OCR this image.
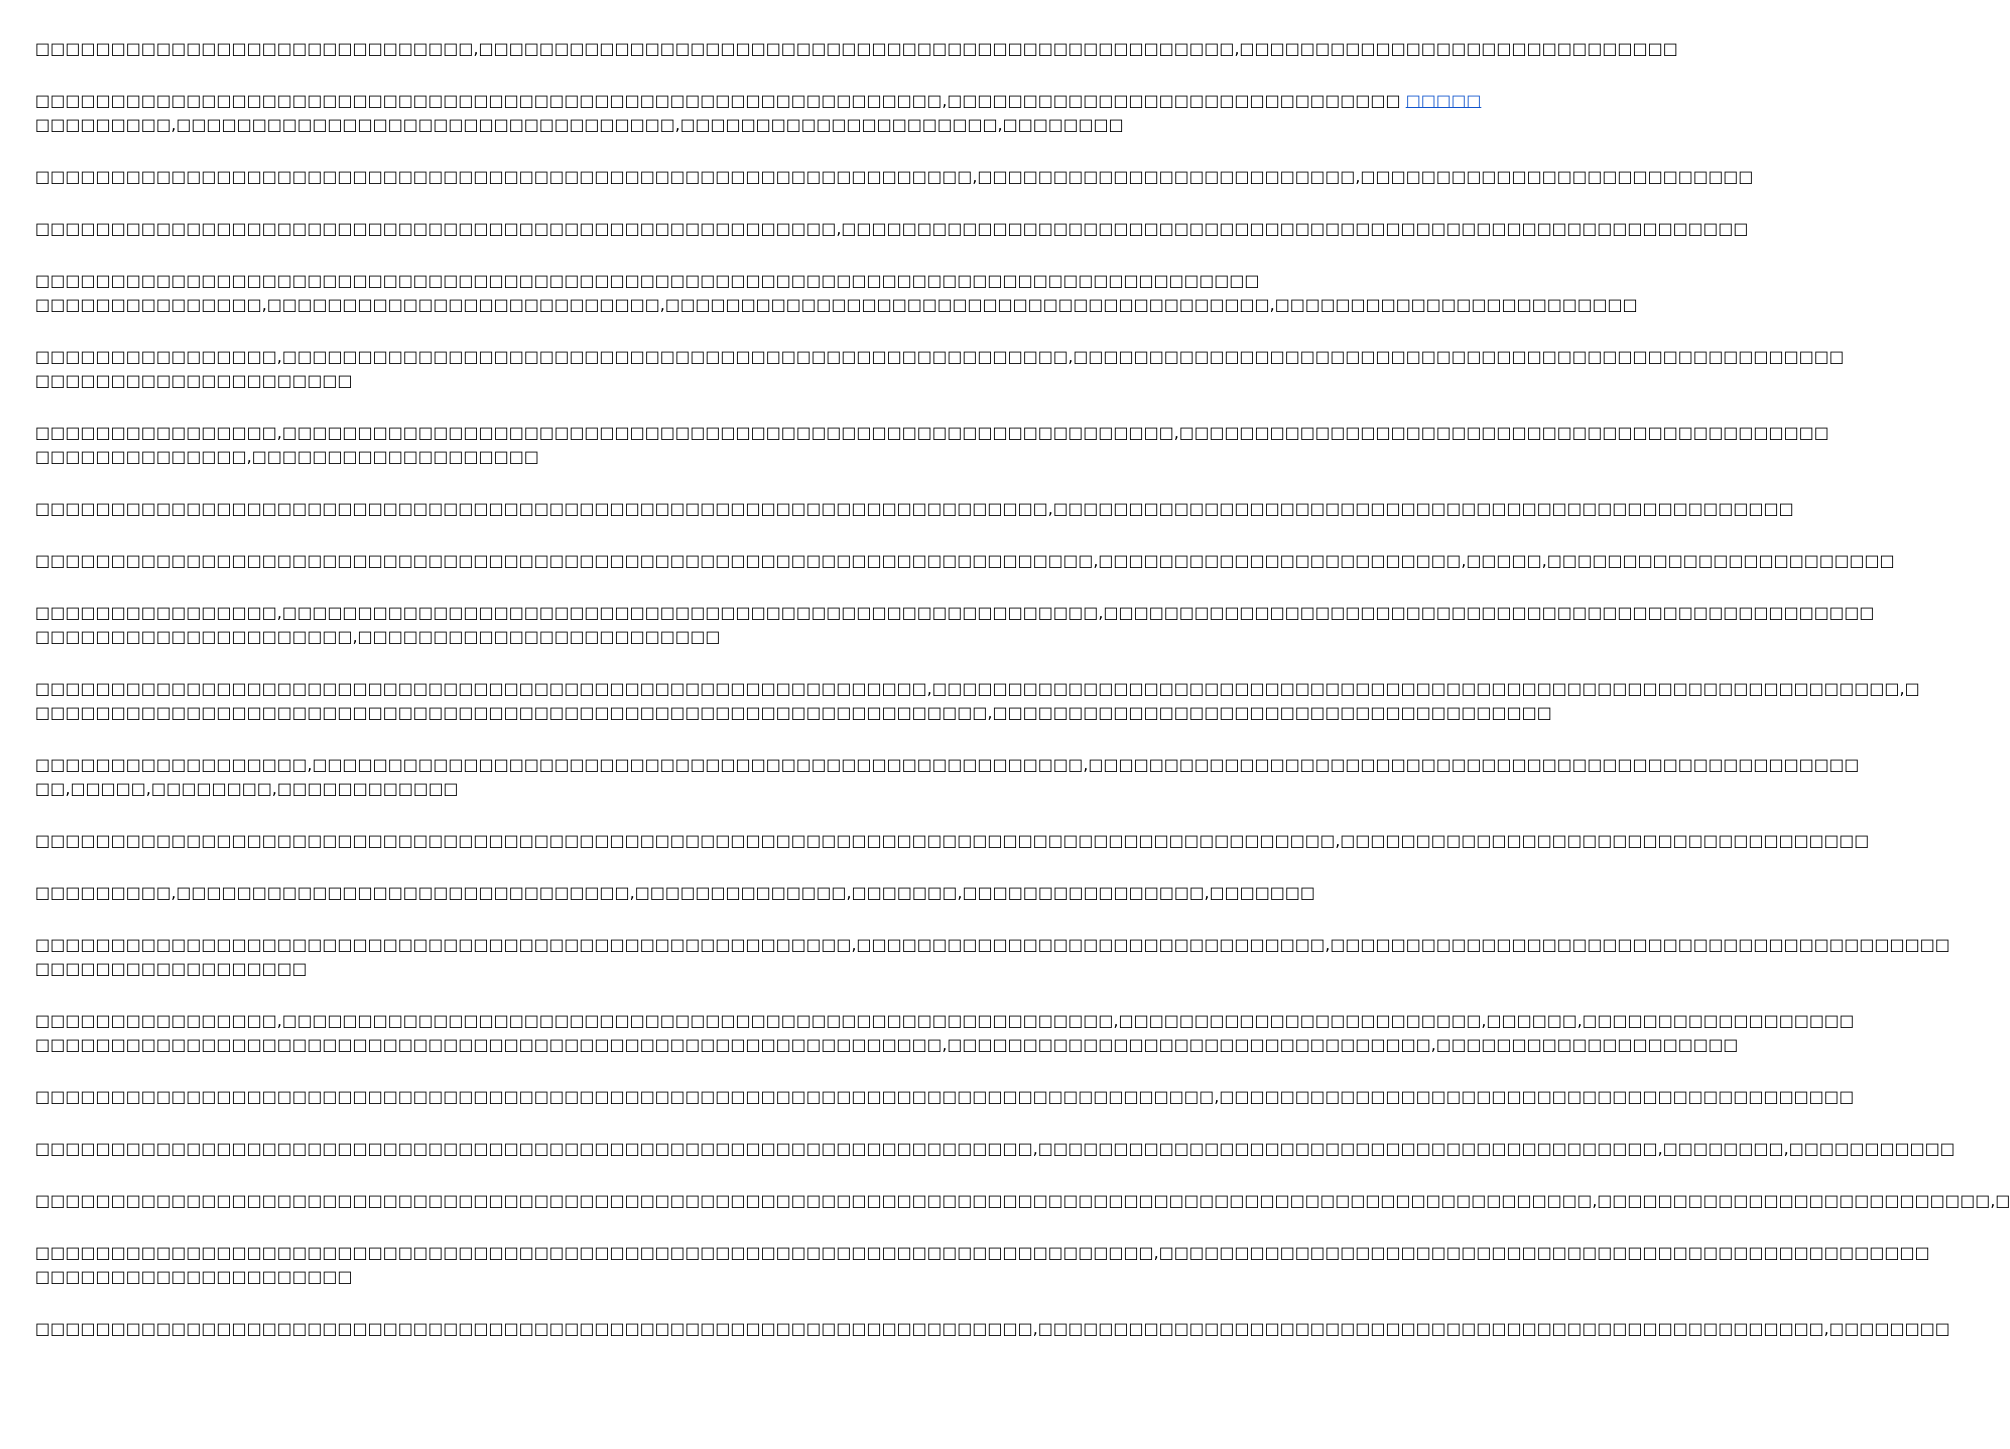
□□□□□□□□□□□□□□□□□□□□□□□□□□□□□,□□□□□□□□□□□□□□□□□□□□□□□□□□□□□□□□□□□□□□□□□□□□□□□□□□,□□□□□□□□□□□□□□□□□□□□□□□□□□□□□

□□□□□□□□□□□□□□□□□□□□□□□□□□□□□□□□□□□□□□□□□□□□□□□□□□□□□□□□□□□□,□□□□□□□□□□□□□□□□□□□□□□□□□□□□□□ □□□□□
□□□□□□□□□,□□□□□□□□□□□□□□□□□□□□□□□□□□□□□□□□□,□□□□□□□□□□□□□□□□□□□□□,□□□□□□□□

□□□□□□□□□□□□□□□□□□□□□□□□□□□□□□□□□□□□□□□□□□□□□□□□□□□□□□□□□□□□□□,□□□□□□□□□□□□□□□□□□□□□□□□□,□□□□□□□□□□□□□□□□□□□□□□□□□□

□□□□□□□□□□□□□□□□□□□□□□□□□□□□□□□□□□□□□□□□□□□□□□□□□□□□□,□□□□□□□□□□□□□□□□□□□□□□□□□□□□□□□□□□□□□□□□□□□□□□□□□□□□□□□□□□□□

□□□□□□□□□□□□□□□□□□□□□□□□□□□□□□□□□□□□□□□□□□□□□□□□□□□□□□□□□□□□□□□□□□□□□□□□□□□□□□□□□
□□□□□□□□□□□□□□□,□□□□□□□□□□□□□□□□□□□□□□□□□□,□□□□□□□□□□□□□□□□□□□□□□□□□□□□□□□□□□□□□□□□,□□□□□□□□□□□□□□□□□□□□□□□□

□□□□□□□□□□□□□□□□,□□□□□□□□□□□□□□□□□□□□□□□□□□□□□□□□□□□□□□□□□□□□□□□□□□□□,□□□□□□□□□□□□□□□□□□□□□□□□□□□□□□□□□□□□□□□□□□□□□□□□□□□
□□□□□□□□□□□□□□□□□□□□□

□□□□□□□□□□□□□□□□,□□□□□□□□□□□□□□□□□□□□□□□□□□□□□□□□□□□□□□□□□□□□□□□□□□□□□□□□□□□,□□□□□□□□□□□□□□□□□□□□□□□□□□□□□□□□□□□□□□□□□□□
□□□□□□□□□□□□□□,□□□□□□□□□□□□□□□□□□□

□□□□□□□□□□□□□□□□□□□□□□□□□□□□□□□□□□□□□□□□□□□□□□□□□□□□□□□□□□□□□□□□□□□,□□□□□□□□□□□□□□□□□□□□□□□□□□□□□□□□□□□□□□□□□□□□□□□□□

□□□□□□□□□□□□□□□□□□□□□□□□□□□□□□□□□□□□□□□□□□□□□□□□□□□□□□□□□□□□□□□□□□□□□□,□□□□□□□□□□□□□□□□□□□□□□□□,□□□□□,□□□□□□□□□□□□□□□□□□□□□□□

□□□□□□□□□□□□□□□□,□□□□□□□□□□□□□□□□□□□□□□□□□□□□□□□□□□□□□□□□□□□□□□□□□□□□□□,□□□□□□□□□□□□□□□□□□□□□□□□□□□□□□□□□□□□□□□□□□□□□□□□□□□
□□□□□□□□□□□□□□□□□□□□□,□□□□□□□□□□□□□□□□□□□□□□□□

□□□□□□□□□□□□□□□□□□□□□□□□□□□□□□□□□□□□□□□□□□□□□□□□□□□□□□□□□□□,□□□□□□□□□□□□□□□□□□□□□□□□□□□□□□□□□□□□□□□□□□□□□□□□□□□□□□□□□□□□□□□□,□
□□□□□□□□□□□□□□□□□□□□□□□□□□□□□□□□□□□□□□□□□□□□□□□□□□□□□□□□□□□□□□□,□□□□□□□□□□□□□□□□□□□□□□□□□□□□□□□□□□□□□

□□□□□□□□□□□□□□□□□□,□□□□□□□□□□□□□□□□□□□□□□□□□□□□□□□□□□□□□□□□□□□□□□□□□□□,□□□□□□□□□□□□□□□□□□□□□□□□□□□□□□□□□□□□□□□□□□□□□□□□□□□
□□,□□□□□,□□□□□□□□,□□□□□□□□□□□□

□□□□□□□□□□□□□□□□□□□□□□□□□□□□□□□□□□□□□□□□□□□□□□□□□□□□□□□□□□□□□□□□□□□□□□□□□□□□□□□□□□□□□□,□□□□□□□□□□□□□□□□□□□□□□□□□□□□□□□□□□□

□□□□□□□□□,□□□□□□□□□□□□□□□□□□□□□□□□□□□□□□,□□□□□□□□□□□□□□,□□□□□□□,□□□□□□□□□□□□□□□□,□□□□□□□

□□□□□□□□□□□□□□□□□□□□□□□□□□□□□□□□□□□□□□□□□□□□□□□□□□□□□□,□□□□□□□□□□□□□□□□□□□□□□□□□□□□□□□,□□□□□□□□□□□□□□□□□□□□□□□□□□□□□□□□□□□□□□□□□
□□□□□□□□□□□□□□□□□□

□□□□□□□□□□□□□□□□,□□□□□□□□□□□□□□□□□□□□□□□□□□□□□□□□□□□□□□□□□□□□□□□□□□□□□□□,□□□□□□□□□□□□□□□□□□□□□□□□,□□□□□□,□□□□□□□□□□□□□□□□□□
□□□□□□□□□□□□□□□□□□□□□□□□□□□□□□□□□□□□□□□□□□□□□□□□□□□□□□□□□□□□,□□□□□□□□□□□□□□□□□□□□□□□□□□□□□□□□,□□□□□□□□□□□□□□□□□□□□

□□□□□□□□□□□□□□□□□□□□□□□□□□□□□□□□□□□□□□□□□□□□□□□□□□□□□□□□□□□□□□□□□□□□□□□□□□□□□□,□□□□□□□□□□□□□□□□□□□□□□□□□□□□□□□□□□□□□□□□□□

□□□□□□□□□□□□□□□□□□□□□□□□□□□□□□□□□□□□□□□□□□□□□□□□□□□□□□□□□□□□□□□□□□,□□□□□□□□□□□□□□□□□□□□□□□□□□□□□□□□□□□□□□□□□,□□□□□□□□,□□□□□□□□□□□

□□□□□□□□□□□□□□□□□□□□□□□□□□□□□□□□□□□□□□□□□□□□□□□□□□□□□□□□□□□□□□□□□□□□□□□□□□□□□□□□□□□□□□□□□□□□□□□□□□□□□□□,□□□□□□□□□□□□□□□□□□□□□□□□□□,□

□□□□□□□□□□□□□□□□□□□□□□□□□□□□□□□□□□□□□□□□□□□□□□□□□□□□□□□□□□□□□□□□□□□□□□□□□□,□□□□□□□□□□□□□□□□□□□□□□□□□□□□□□□□□□□□□□□□□□□□□□□□□□□
□□□□□□□□□□□□□□□□□□□□□

□□□□□□□□□□□□□□□□□□□□□□□□□□□□□□□□□□□□□□□□□□□□□□□□□□□□□□□□□□□□□□□□□□,□□□□□□□□□□□□□□□□□□□□□□□□□□□□□□□□□□□□□□□□□□□□□□□□□□□□,□□□□□□□□
